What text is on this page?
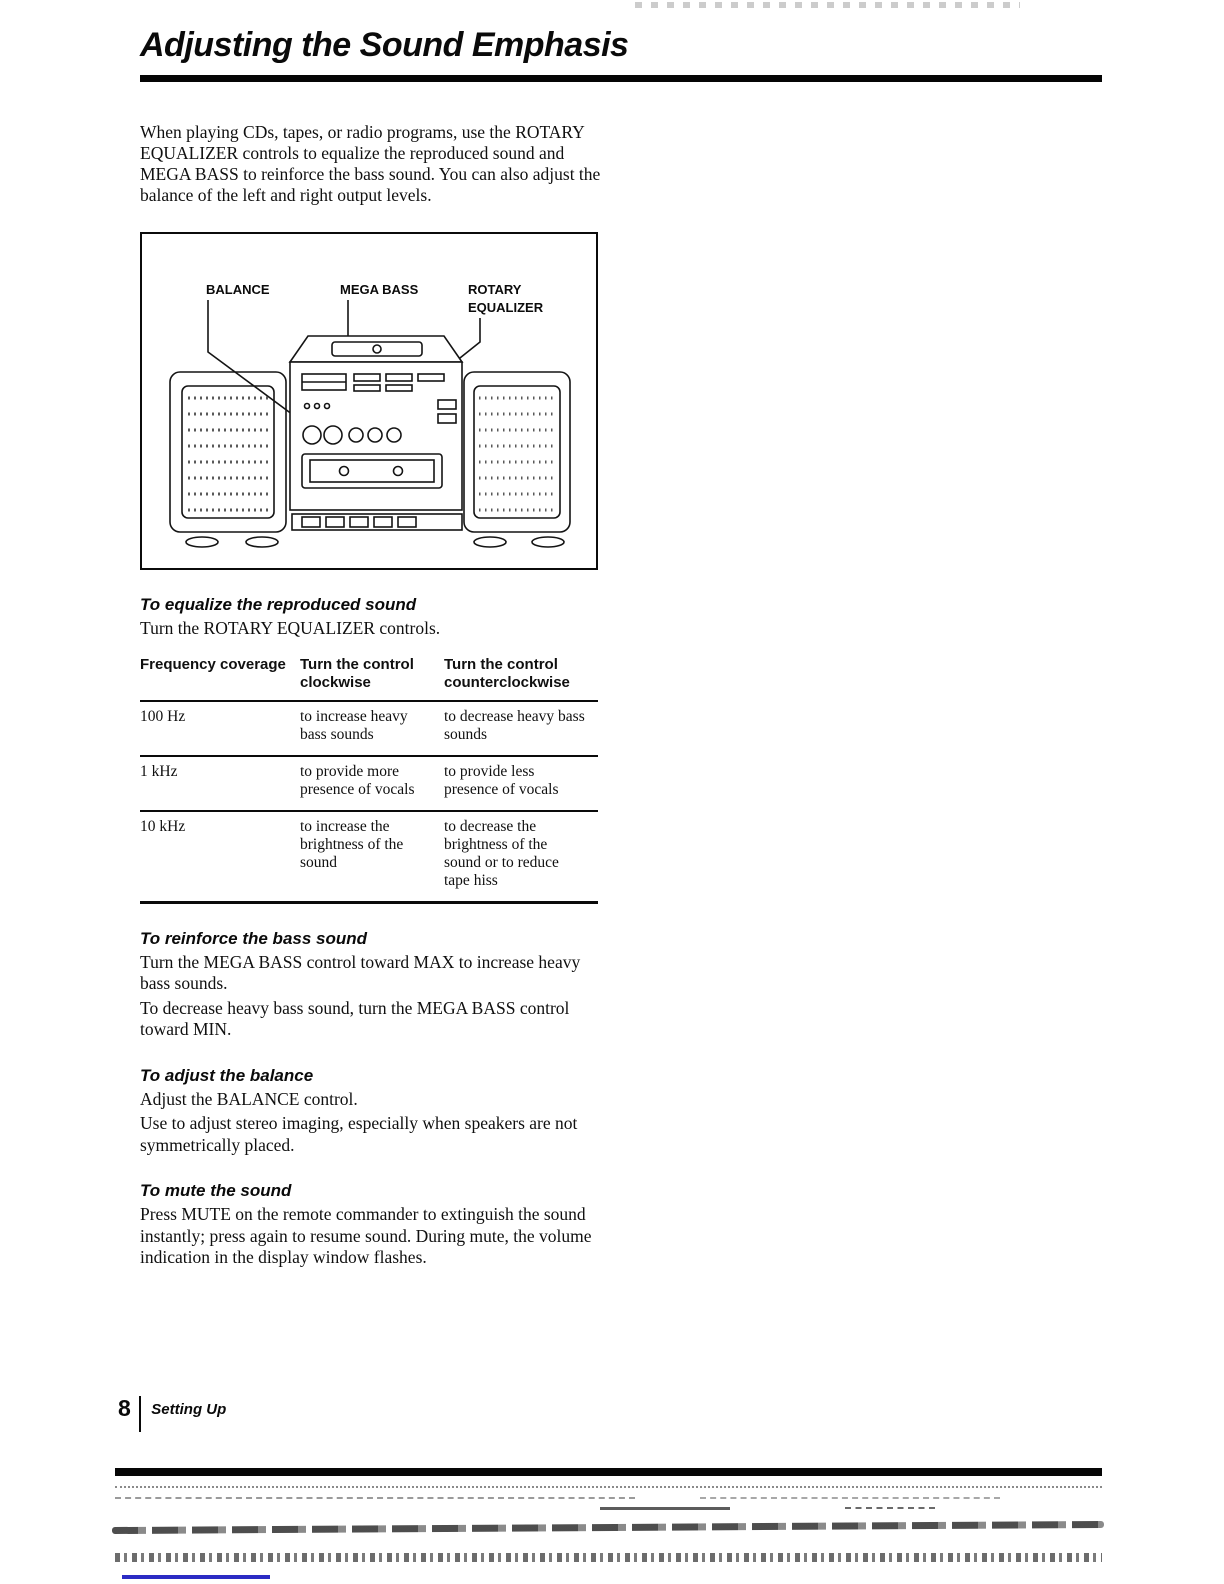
Adjusting the Sound Emphasis

When playing CDs, tapes, or radio programs, use the ROTARY EQUALIZER controls to equalize the reproduced sound and MEGA BASS to reinforce the bass sound. You can also adjust the balance of the left and right output levels.

BALANCE	MEGA BASS	ROTARY
EQUALIZER
To equalize the reproduced sound

Turn the ROTARY EQUALIZER controls.

Frequency coverage	Turn the control clockwise	Turn the control counterclockwise
100 Hz	to increase heavy bass sounds	to decrease heavy bass sounds
1 kHz	to provide more presence of vocals	to provide less presence of vocals
10 kHz	to increase the brightness of the sound	to decrease the brightness of the sound or to reduce tape hiss
To reinforce the bass sound

Turn the MEGA BASS control toward MAX to increase heavy bass sounds.

To decrease heavy bass sound, turn the MEGA BASS control toward MIN.

To adjust the balance

Adjust the BALANCE control.

Use to adjust stereo imaging, especially when speakers are not symmetrically placed.

To mute the sound

Press MUTE on the remote commander to extinguish the sound instantly; press again to resume sound. During mute, the volume indication in the display window flashes.

8 Setting Up
